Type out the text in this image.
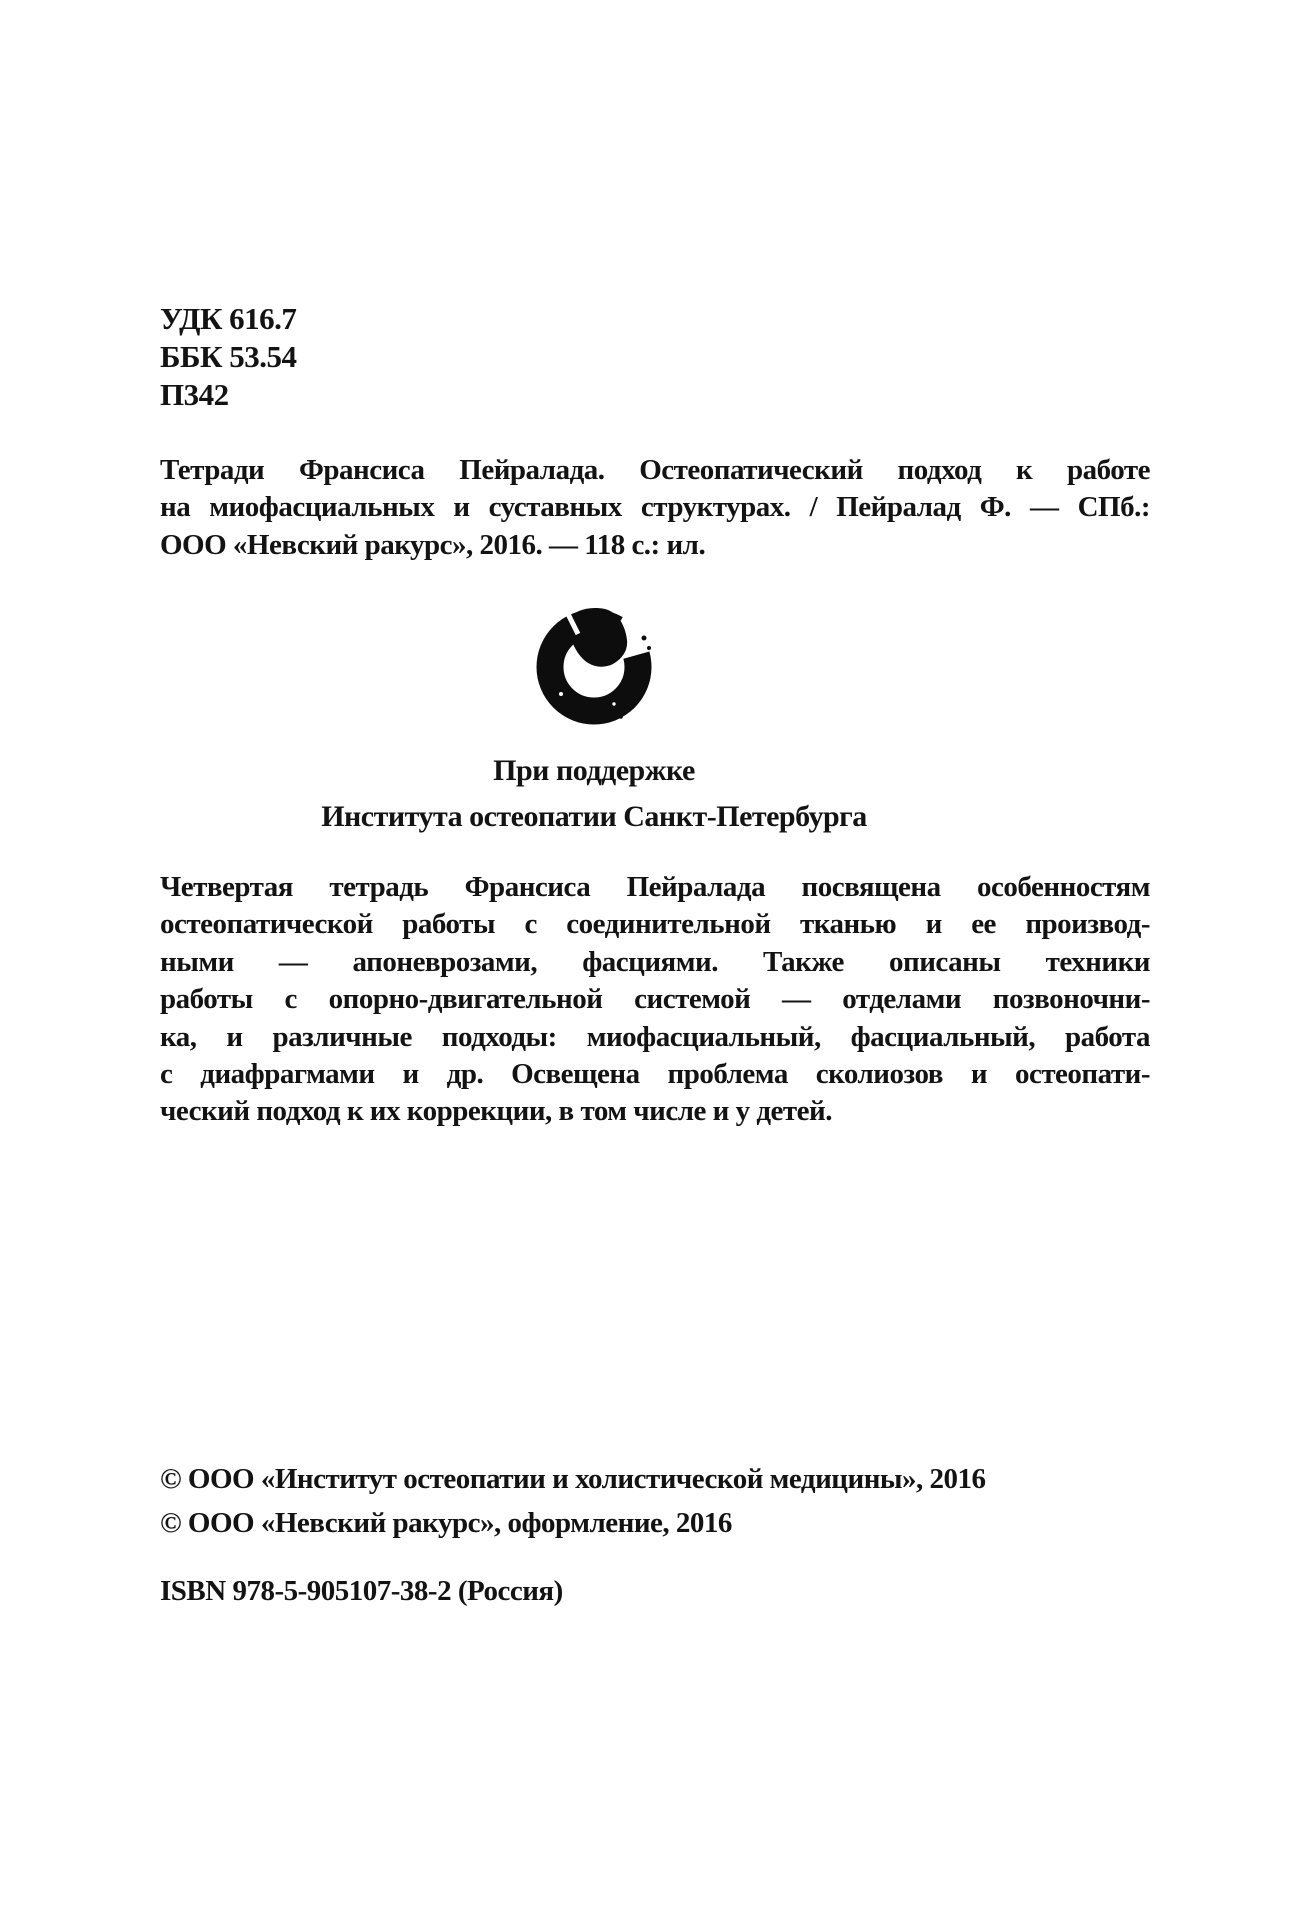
УДК 616.7
ББК 53.54
П342
Тетради Франсиса Пейралада. Остеопатический подход к работе
на миофасциальных и суставных структурах. / Пейралад Ф. — СПб.:
ООО «Невский ракурс», 2016. — 118 с.: ил.
При поддержке
Института остеопатии Санкт-Петербурга
Четвертая тетрадь Франсиса Пейралада посвящена особенностям
остеопатической работы с соединительной тканью и ее производ-
ными — апоневрозами, фасциями. Также описаны техники
работы с опорно-двигательной системой — отделами позвоночни-
ка, и различные подходы: миофасциальный, фасциальный, работа
с диафрагмами и др. Освещена проблема сколиозов и остеопати-
ческий подход к их коррекции, в том числе и у детей.
© ООО «Институт остеопатии и холистической медицины», 2016
© ООО «Невский ракурс», оформление, 2016
ISBN 978-5-905107-38-2 (Россия)
